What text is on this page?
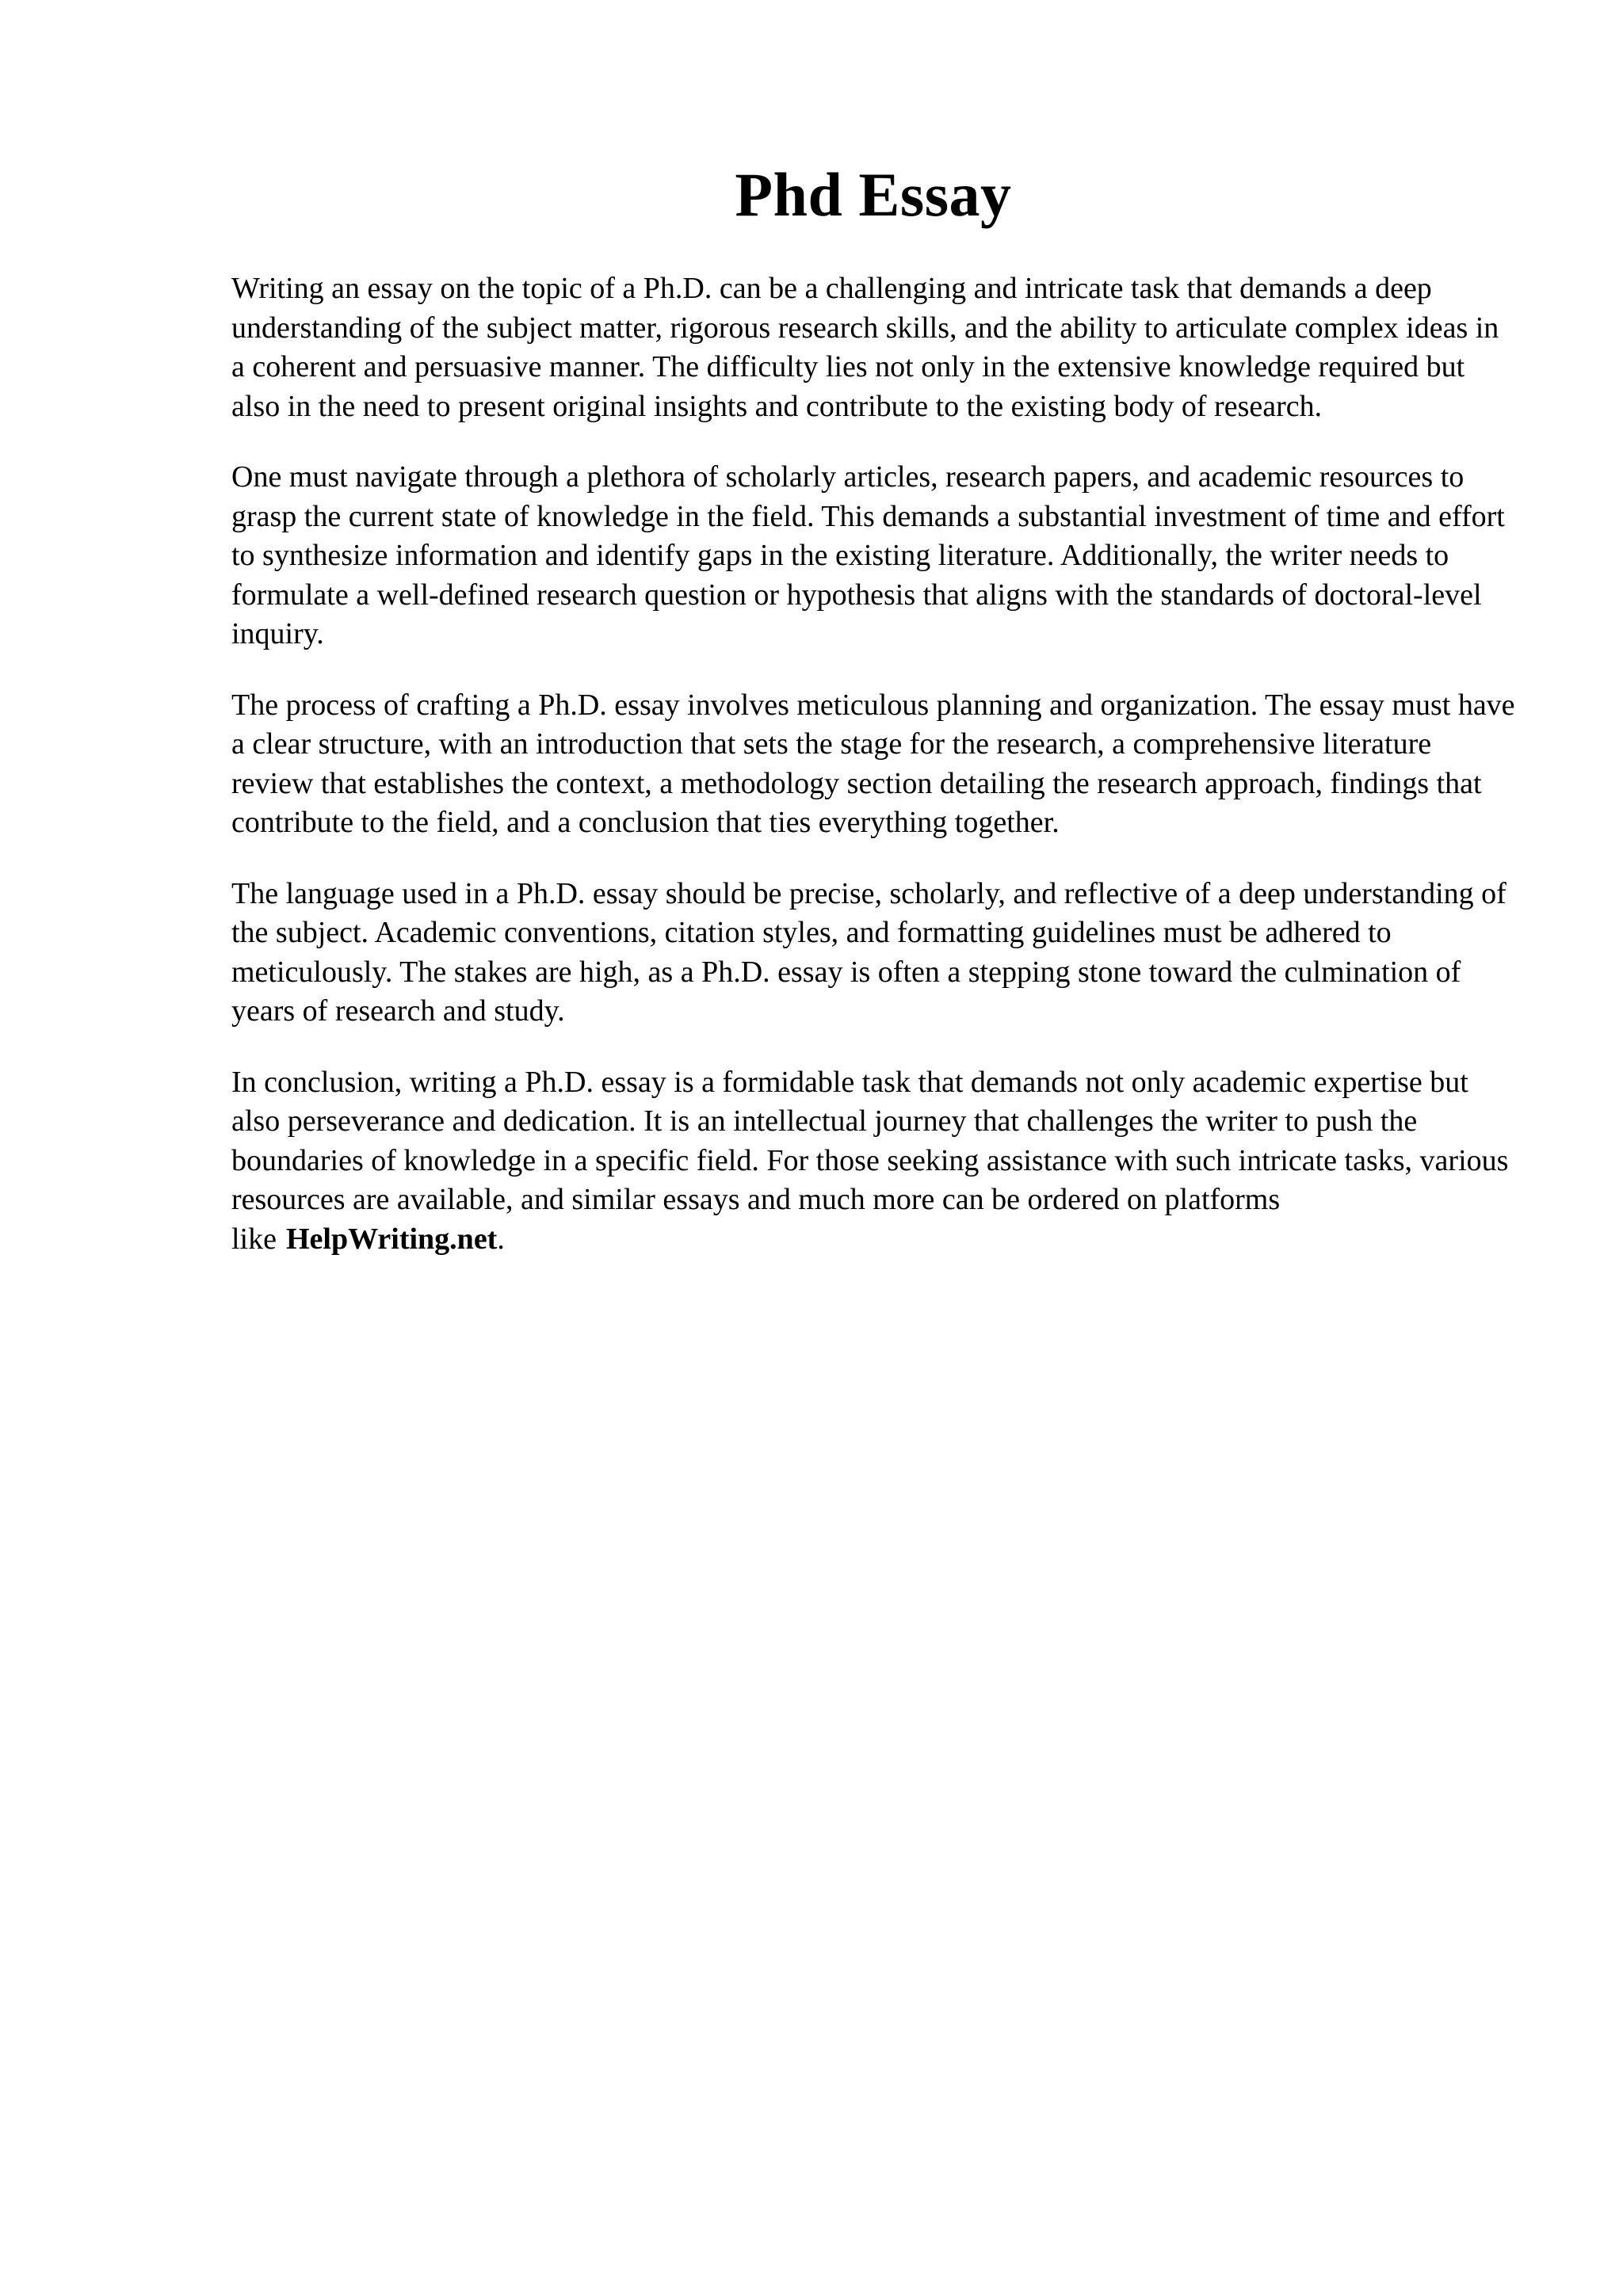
Phd Essay

Writing an essay on the topic of a Ph.D. can be a challenging and intricate task that demands a deep understanding of the subject matter, rigorous research skills, and the ability to articulate complex ideas in a coherent and persuasive manner. The difficulty lies not only in the extensive knowledge required but also in the need to present original insights and contribute to the existing body of research.

One must navigate through a plethora of scholarly articles, research papers, and academic resources to grasp the current state of knowledge in the field. This demands a substantial investment of time and effort to synthesize information and identify gaps in the existing literature. Additionally, the writer needs to formulate a well-defined research question or hypothesis that aligns with the standards of doctoral-level inquiry.

The process of crafting a Ph.D. essay involves meticulous planning and organization. The essay must have a clear structure, with an introduction that sets the stage for the research, a comprehensive literature review that establishes the context, a methodology section detailing the research approach, findings that contribute to the field, and a conclusion that ties everything together.

The language used in a Ph.D. essay should be precise, scholarly, and reflective of a deep understanding of the subject. Academic conventions, citation styles, and formatting guidelines must be adhered to meticulously. The stakes are high, as a Ph.D. essay is often a stepping stone toward the culmination of years of research and study.

In conclusion, writing a Ph.D. essay is a formidable task that demands not only academic expertise but also perseverance and dedication. It is an intellectual journey that challenges the writer to push the boundaries of knowledge in a specific field. For those seeking assistance with such intricate tasks, various resources are available, and similar essays and much more can be ordered on platforms like HelpWriting.net.
